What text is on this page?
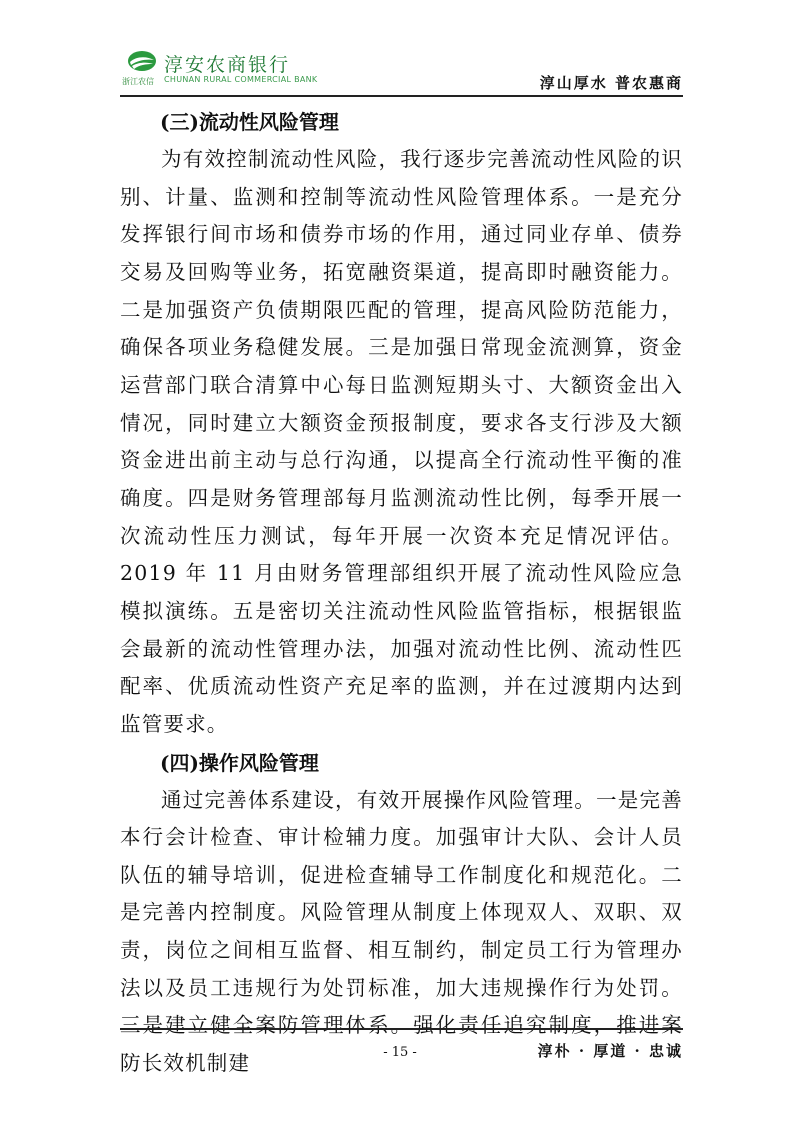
浙江农信
淳安农商银行
CHUNAN RURAL COMMERCIAL BANK	淳山厚水 普农惠商
(三)流动性风险管理

为有效控制流动性风险，我行逐步完善流动性风险的识别、计量、监测和控制等流动性风险管理体系。一是充分发挥银行间市场和债券市场的作用，通过同业存单、债券交易及回购等业务，拓宽融资渠道，提高即时融资能力。二是加强资产负债期限匹配的管理，提高风险防范能力，确保各项业务稳健发展。三是加强日常现金流测算，资金运营部门联合清算中心每日监测短期头寸、大额资金出入情况，同时建立大额资金预报制度，要求各支行涉及大额资金进出前主动与总行沟通，以提高全行流动性平衡的准确度。四是财务管理部每月监测流动性比例，每季开展一次流动性压力测试，每年开展一次资本充足情况评估。2019 年 11 月由财务管理部组织开展了流动性风险应急模拟演练。五是密切关注流动性风险监管指标，根据银监会最新的流动性管理办法，加强对流动性比例、流动性匹配率、优质流动性资产充足率的监测，并在过渡期内达到监管要求。

(四)操作风险管理

通过完善体系建设，有效开展操作风险管理。一是完善本行会计检查、审计检辅力度。加强审计大队、会计人员队伍的辅导培训，促进检查辅导工作制度化和规范化。二是完善内控制度。风险管理从制度上体现双人、双职、双责，岗位之间相互监督、相互制约，制定员工行为管理办法以及员工违规行为处罚标准，加大违规操作行为处罚。三是建立健全案防管理体系。强化责任追究制度，推进案防长效机制建	- 15 -	淳朴 · 厚道 · 忠诚
